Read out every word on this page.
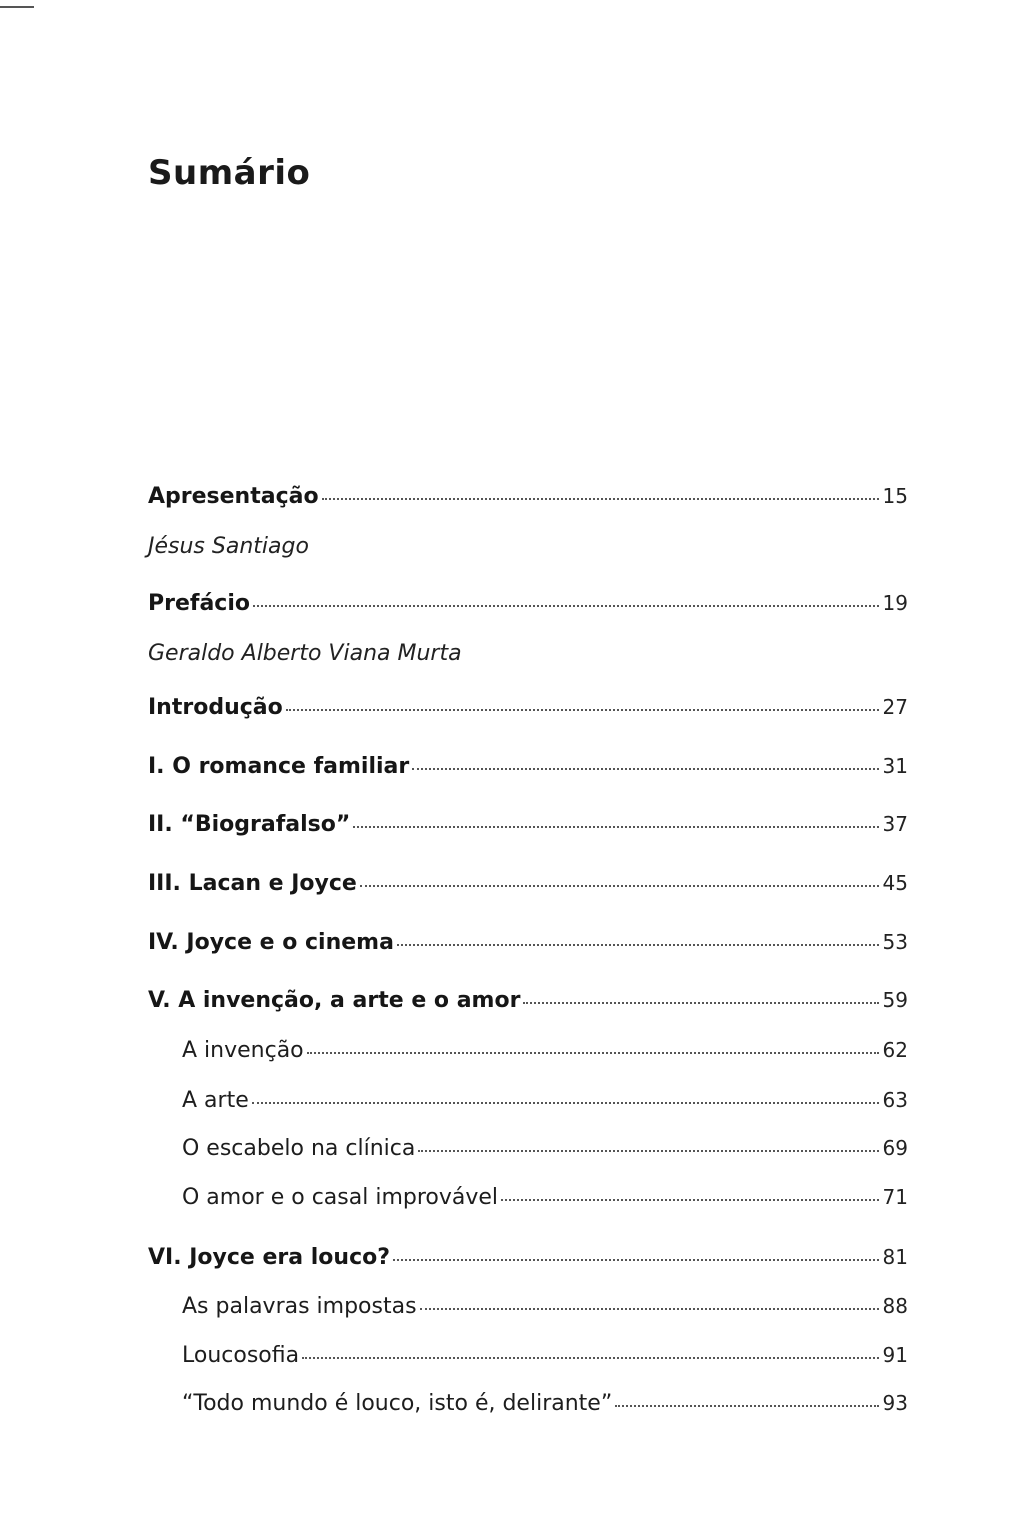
Sumário
Apresentação	15
Jésus Santiago
Prefácio	19
Geraldo Alberto Viana Murta
Introdução	27
I. O romance familiar	31
II. “Biografalso”	37
III. Lacan e Joyce	45
IV. Joyce e o cinema	53
V. A invenção, a arte e o amor	59
A invenção	62
A arte	63
O escabelo na clínica	69
O amor e o casal improvável	71
VI. Joyce era louco?	81
As palavras impostas	88
Loucosofia	91
“Todo mundo é louco, isto é, delirante”	93
